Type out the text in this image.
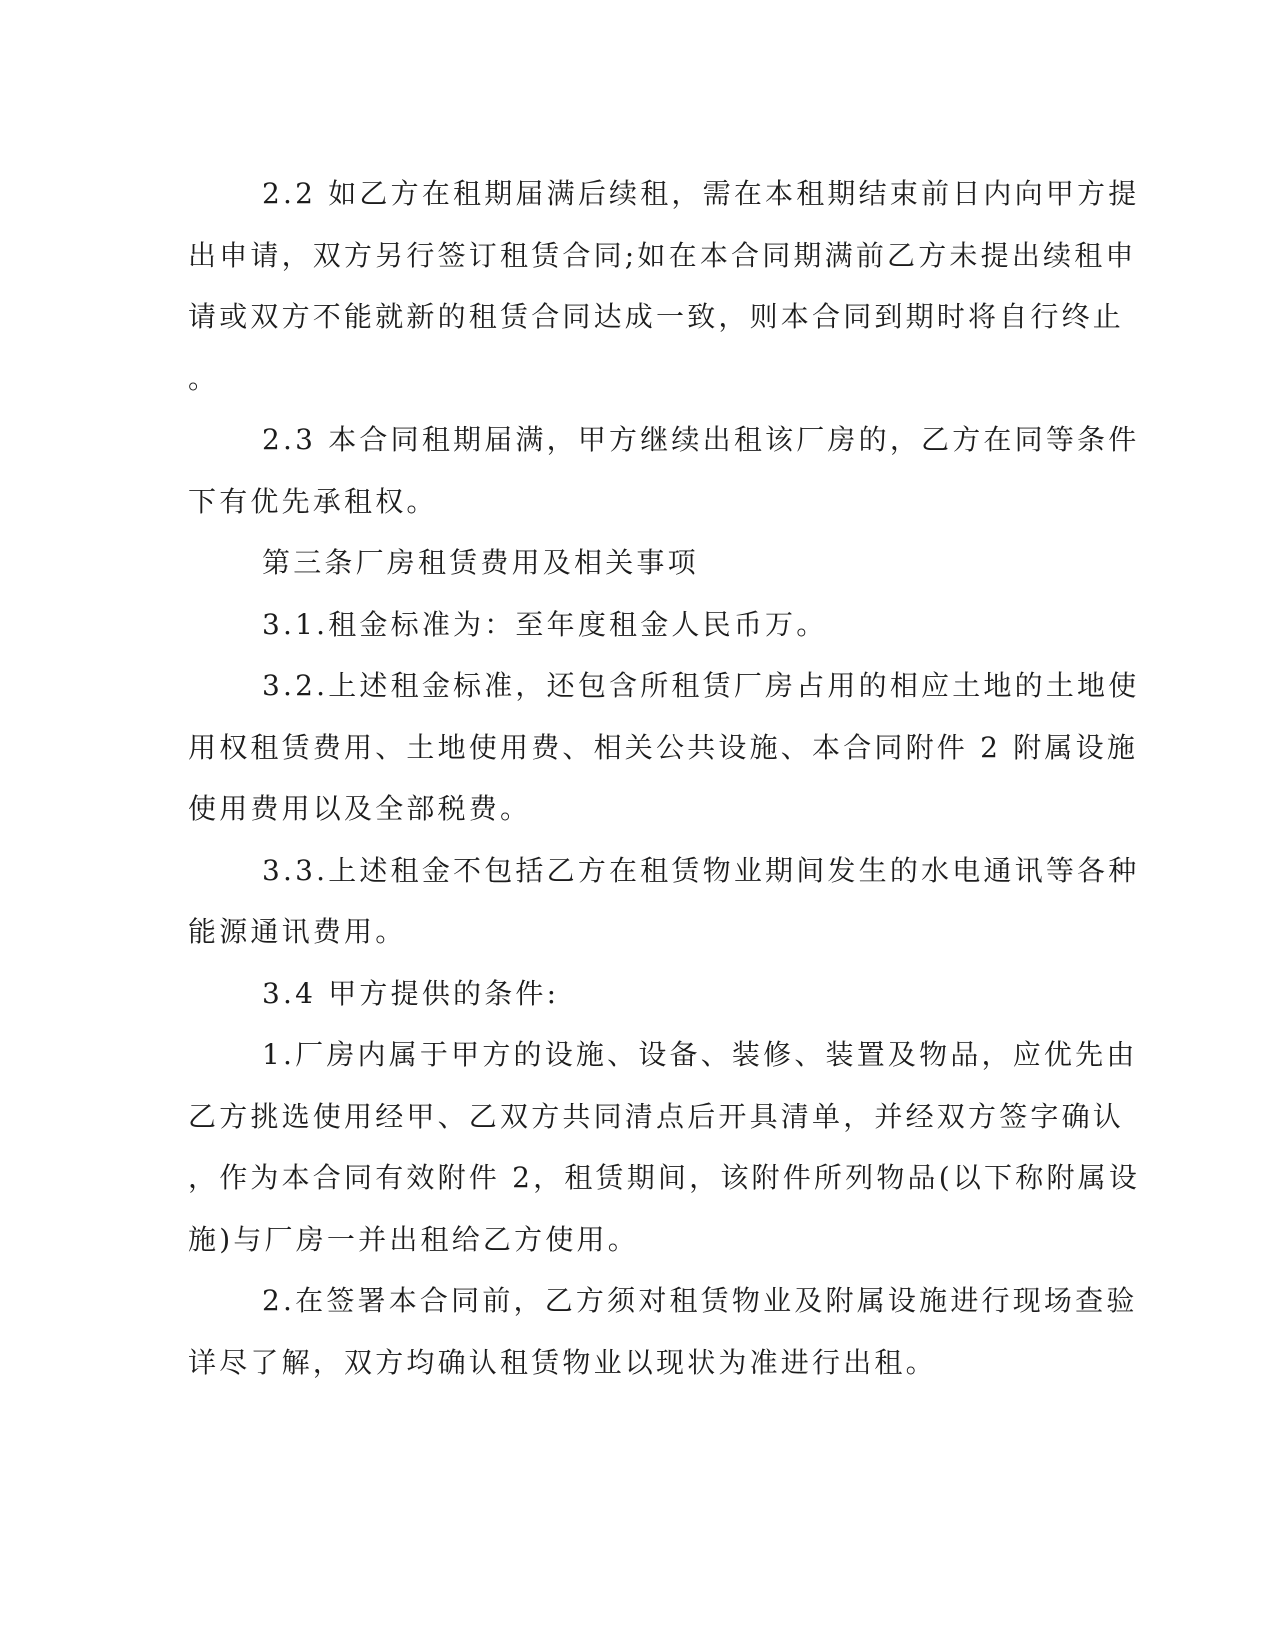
2.2 如乙方在租期届满后续租，需在本租期结束前日内向甲方提
出申请，双方另行签订租赁合同;如在本合同期满前乙方未提出续租申
请或双方不能就新的租赁合同达成一致，则本合同到期时将自行终止
。
2.3 本合同租期届满，甲方继续出租该厂房的，乙方在同等条件
下有优先承租权。
第三条厂房租赁费用及相关事项
3.1.租金标准为：至年度租金人民币万。
3.2.上述租金标准，还包含所租赁厂房占用的相应土地的土地使
用权租赁费用、土地使用费、相关公共设施、本合同附件 2 附属设施
使用费用以及全部税费。
3.3.上述租金不包括乙方在租赁物业期间发生的水电通讯等各种
能源通讯费用。
3.4 甲方提供的条件:
1.厂房内属于甲方的设施、设备、装修、装置及物品，应优先由
乙方挑选使用经甲、乙双方共同清点后开具清单，并经双方签字确认
，作为本合同有效附件 2，租赁期间，该附件所列物品(以下称附属设
施)与厂房一并出租给乙方使用。
2.在签署本合同前，乙方须对租赁物业及附属设施进行现场查验
详尽了解，双方均确认租赁物业以现状为准进行出租。
